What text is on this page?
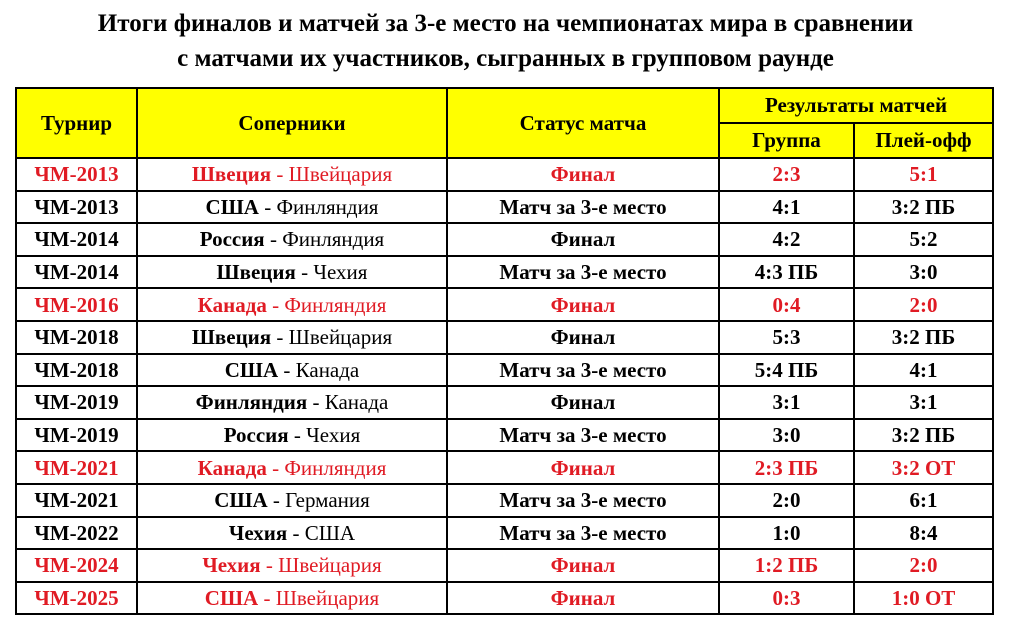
Итоги финалов и матчей за 3-е место на чемпионатах мира в сравнении
с матчами их участников, сыгранных в групповом раунде
Турнир	Соперники	Статус матча	Результаты матчей	
			Группа	Плей-офф
ЧМ-2013	Швеция - Швейцария	Финал	2:3	5:1
ЧМ-2013	США - Финляндия	Матч за 3-е место	4:1	3:2 ПБ
ЧМ-2014	Россия - Финляндия	Финал	4:2	5:2
ЧМ-2014	Швеция - Чехия	Матч за 3-е место	4:3 ПБ	3:0
ЧМ-2016	Канада - Финляндия	Финал	0:4	2:0
ЧМ-2018	Швеция - Швейцария	Финал	5:3	3:2 ПБ
ЧМ-2018	США - Канада	Матч за 3-е место	5:4 ПБ	4:1
ЧМ-2019	Финляндия - Канада	Финал	3:1	3:1
ЧМ-2019	Россия - Чехия	Матч за 3-е место	3:0	3:2 ПБ
ЧМ-2021	Канада - Финляндия	Финал	2:3 ПБ	3:2 ОТ
ЧМ-2021	США - Германия	Матч за 3-е место	2:0	6:1
ЧМ-2022	Чехия - США	Матч за 3-е место	1:0	8:4
ЧМ-2024	Чехия - Швейцария	Финал	1:2 ПБ	2:0
ЧМ-2025	США - Швейцария	Финал	0:3	1:0 ОТ
